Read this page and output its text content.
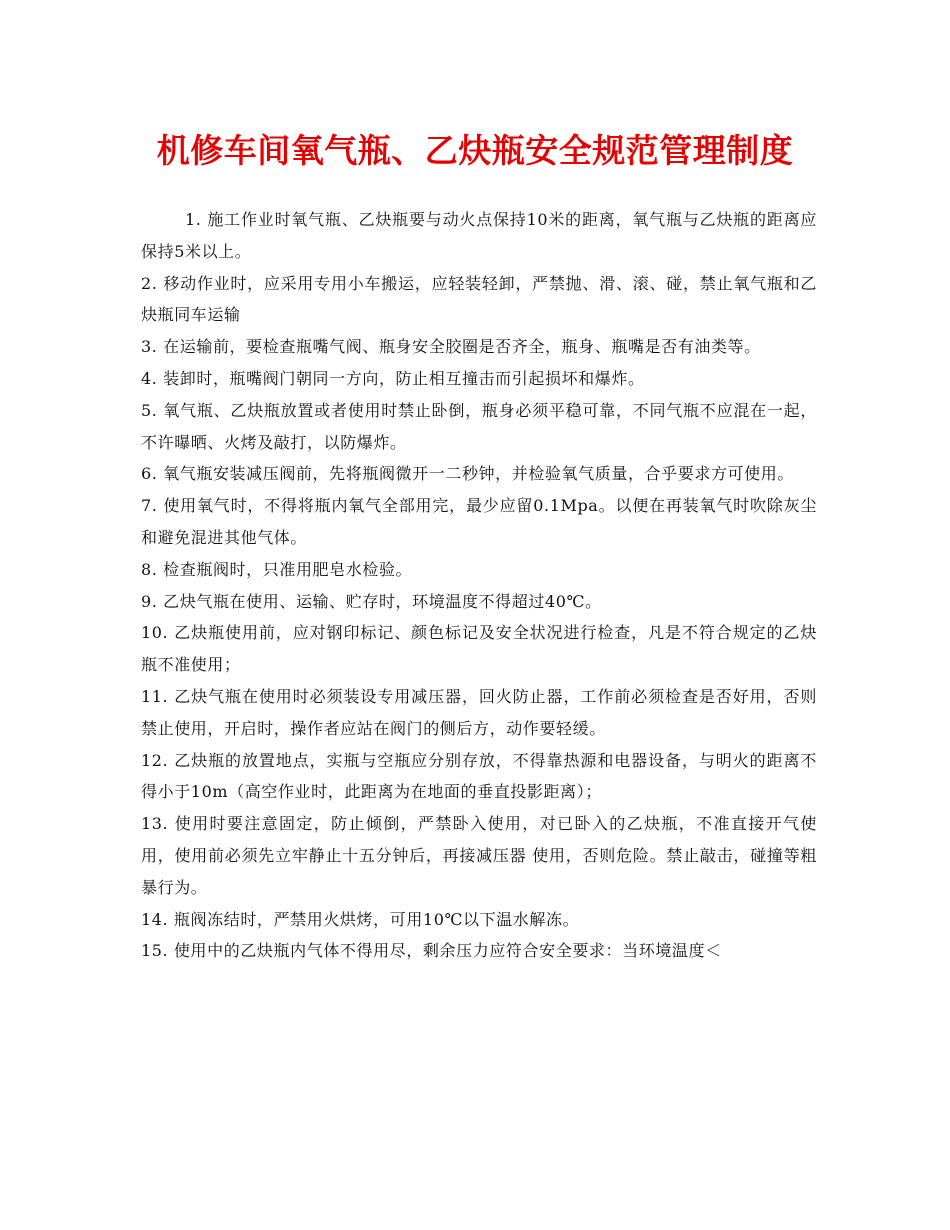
机修车间氧气瓶、乙炔瓶安全规范管理制度

1. 施工作业时氧气瓶、乙炔瓶要与动火点保持10米的距离，氧气瓶与乙炔瓶的距离应保持5米以上。

2. 移动作业时，应采用专用小车搬运，应轻装轻卸，严禁抛、滑、滚、碰，禁止氧气瓶和乙炔瓶同车运输

3. 在运输前，要检查瓶嘴气阀、瓶身安全胶圈是否齐全，瓶身、瓶嘴是否有油类等。

4. 装卸时，瓶嘴阀门朝同一方向，防止相互撞击而引起损坏和爆炸。

5. 氧气瓶、乙炔瓶放置或者使用时禁止卧倒，瓶身必须平稳可靠，不同气瓶不应混在一起，不许曝晒、火烤及敲打，以防爆炸。

6. 氧气瓶安装减压阀前，先将瓶阀微开一二秒钟，并检验氧气质量，合乎要求方可使用。

7. 使用氧气时，不得将瓶内氧气全部用完，最少应留0.1Mpa。以便在再装氧气时吹除灰尘和避免混进其他气体。

8. 检查瓶阀时，只准用肥皂水检验。

9. 乙炔气瓶在使用、运输、贮存时，环境温度不得超过40℃。

10. 乙炔瓶使用前，应对钢印标记、颜色标记及安全状况进行检查，凡是不符合规定的乙炔瓶不准使用；

11. 乙炔气瓶在使用时必须装设专用减压器，回火防止器，工作前必须检查是否好用，否则禁止使用，开启时，操作者应站在阀门的侧后方，动作要轻缓。

12. 乙炔瓶的放置地点，实瓶与空瓶应分别存放，不得靠热源和电器设备，与明火的距离不得小于10m（高空作业时，此距离为在地面的垂直投影距离）；

13. 使用时要注意固定，防止倾倒，严禁卧入使用，对已卧入的乙炔瓶，不准直接开气使用，使用前必须先立牢静止十五分钟后，再接减压器 使用，否则危险。禁止敲击，碰撞等粗暴行为。

14. 瓶阀冻结时，严禁用火烘烤，可用10℃以下温水解冻。

15. 使用中的乙炔瓶内气体不得用尽，剩余压力应符合安全要求：当环境温度＜
